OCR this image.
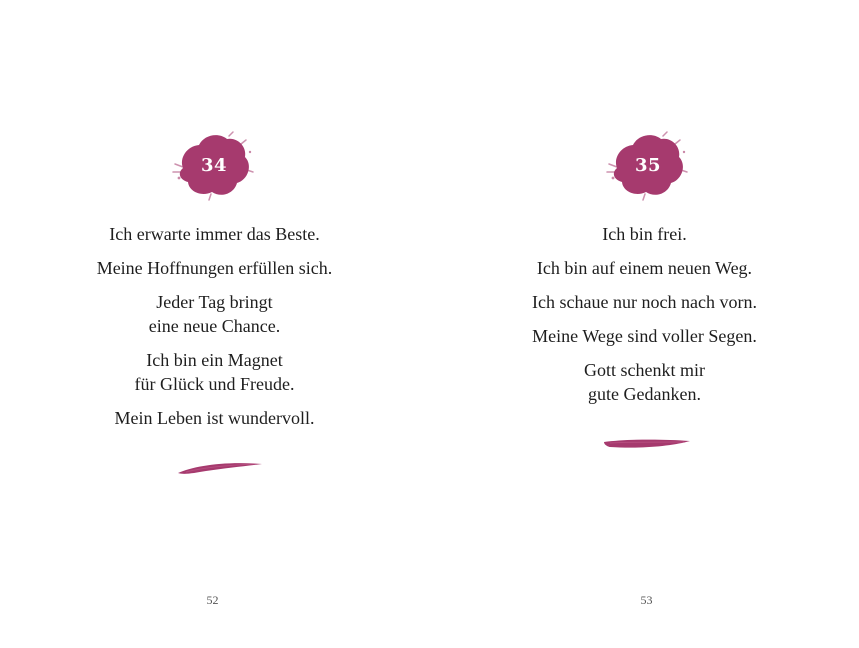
34

Ich erwarte immer das Beste.

Meine Hoffnungen erfüllen sich.

Jeder Tag bringt
eine neue Chance.

Ich bin ein Magnet
für Glück und Freude.

Mein Leben ist wundervoll.

52
35

Ich bin frei.

Ich bin auf einem neuen Weg.

Ich schaue nur noch nach vorn.

Meine Wege sind voller Segen.

Gott schenkt mir
gute Gedanken.

53
